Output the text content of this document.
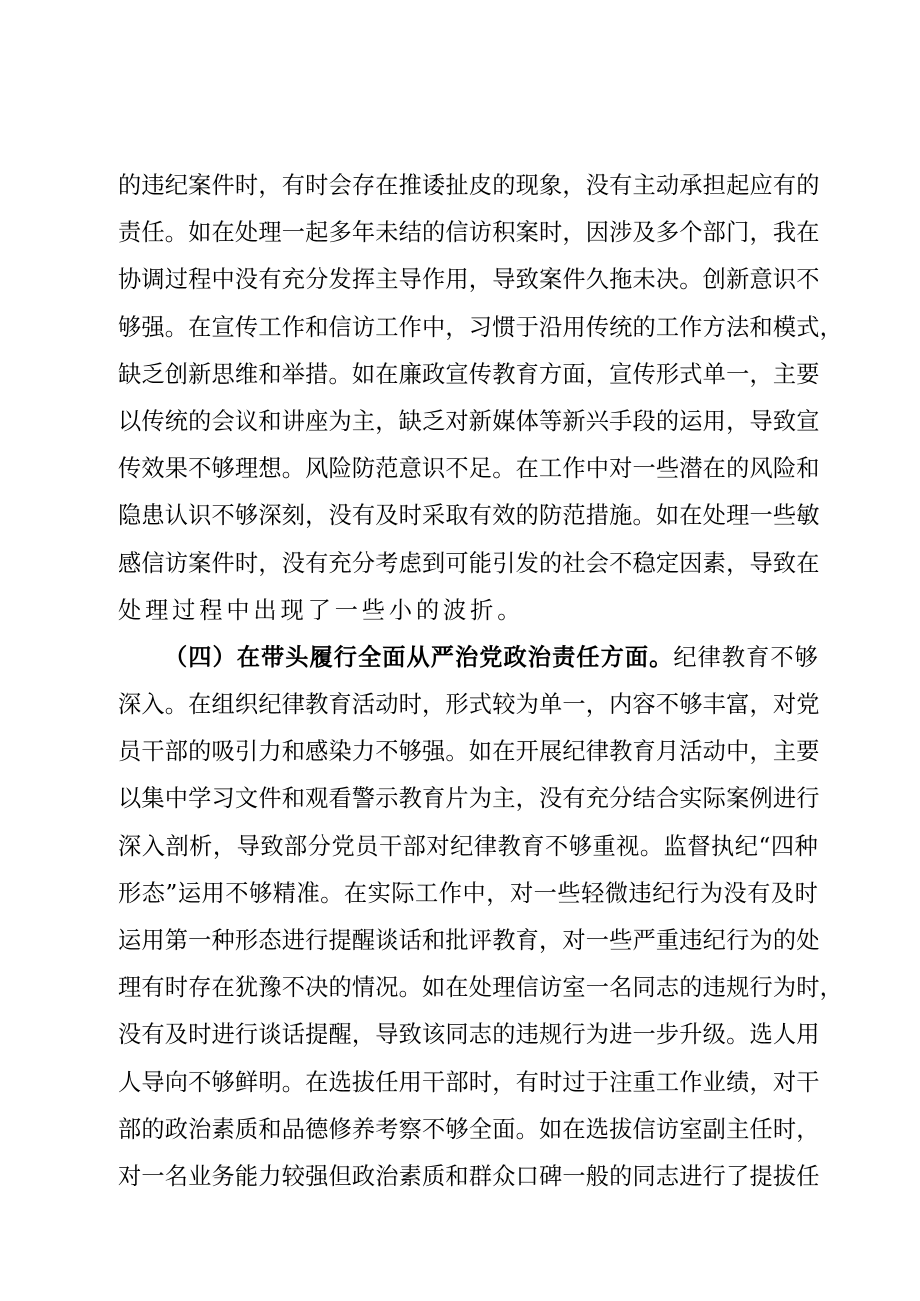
的违纪案件时，有时会存在推诿扯皮的现象，没有主动承担起应有的
责任。如在处理一起多年未结的信访积案时，因涉及多个部门，我在
协调过程中没有充分发挥主导作用，导致案件久拖未决。创新意识不
够强。在宣传工作和信访工作中，习惯于沿用传统的工作方法和模式，
缺乏创新思维和举措。如在廉政宣传教育方面，宣传形式单一，主要
以传统的会议和讲座为主，缺乏对新媒体等新兴手段的运用，导致宣
传效果不够理想。风险防范意识不足。在工作中对一些潜在的风险和
隐患认识不够深刻，没有及时采取有效的防范措施。如在处理一些敏
感信访案件时，没有充分考虑到可能引发的社会不稳定因素，导致在
处理过程中出现了一些小的波折。
（四）在带头履行全面从严治党政治责任方面。纪律教育不够
深入。在组织纪律教育活动时，形式较为单一，内容不够丰富，对党
员干部的吸引力和感染力不够强。如在开展纪律教育月活动中，主要
以集中学习文件和观看警示教育片为主，没有充分结合实际案例进行
深入剖析，导致部分党员干部对纪律教育不够重视。监督执纪“四种
形态”运用不够精准。在实际工作中，对一些轻微违纪行为没有及时
运用第一种形态进行提醒谈话和批评教育，对一些严重违纪行为的处
理有时存在犹豫不决的情况。如在处理信访室一名同志的违规行为时，
没有及时进行谈话提醒，导致该同志的违规行为进一步升级。选人用
人导向不够鲜明。在选拔任用干部时，有时过于注重工作业绩，对干
部的政治素质和品德修养考察不够全面。如在选拔信访室副主任时，
对一名业务能力较强但政治素质和群众口碑一般的同志进行了提拔任
